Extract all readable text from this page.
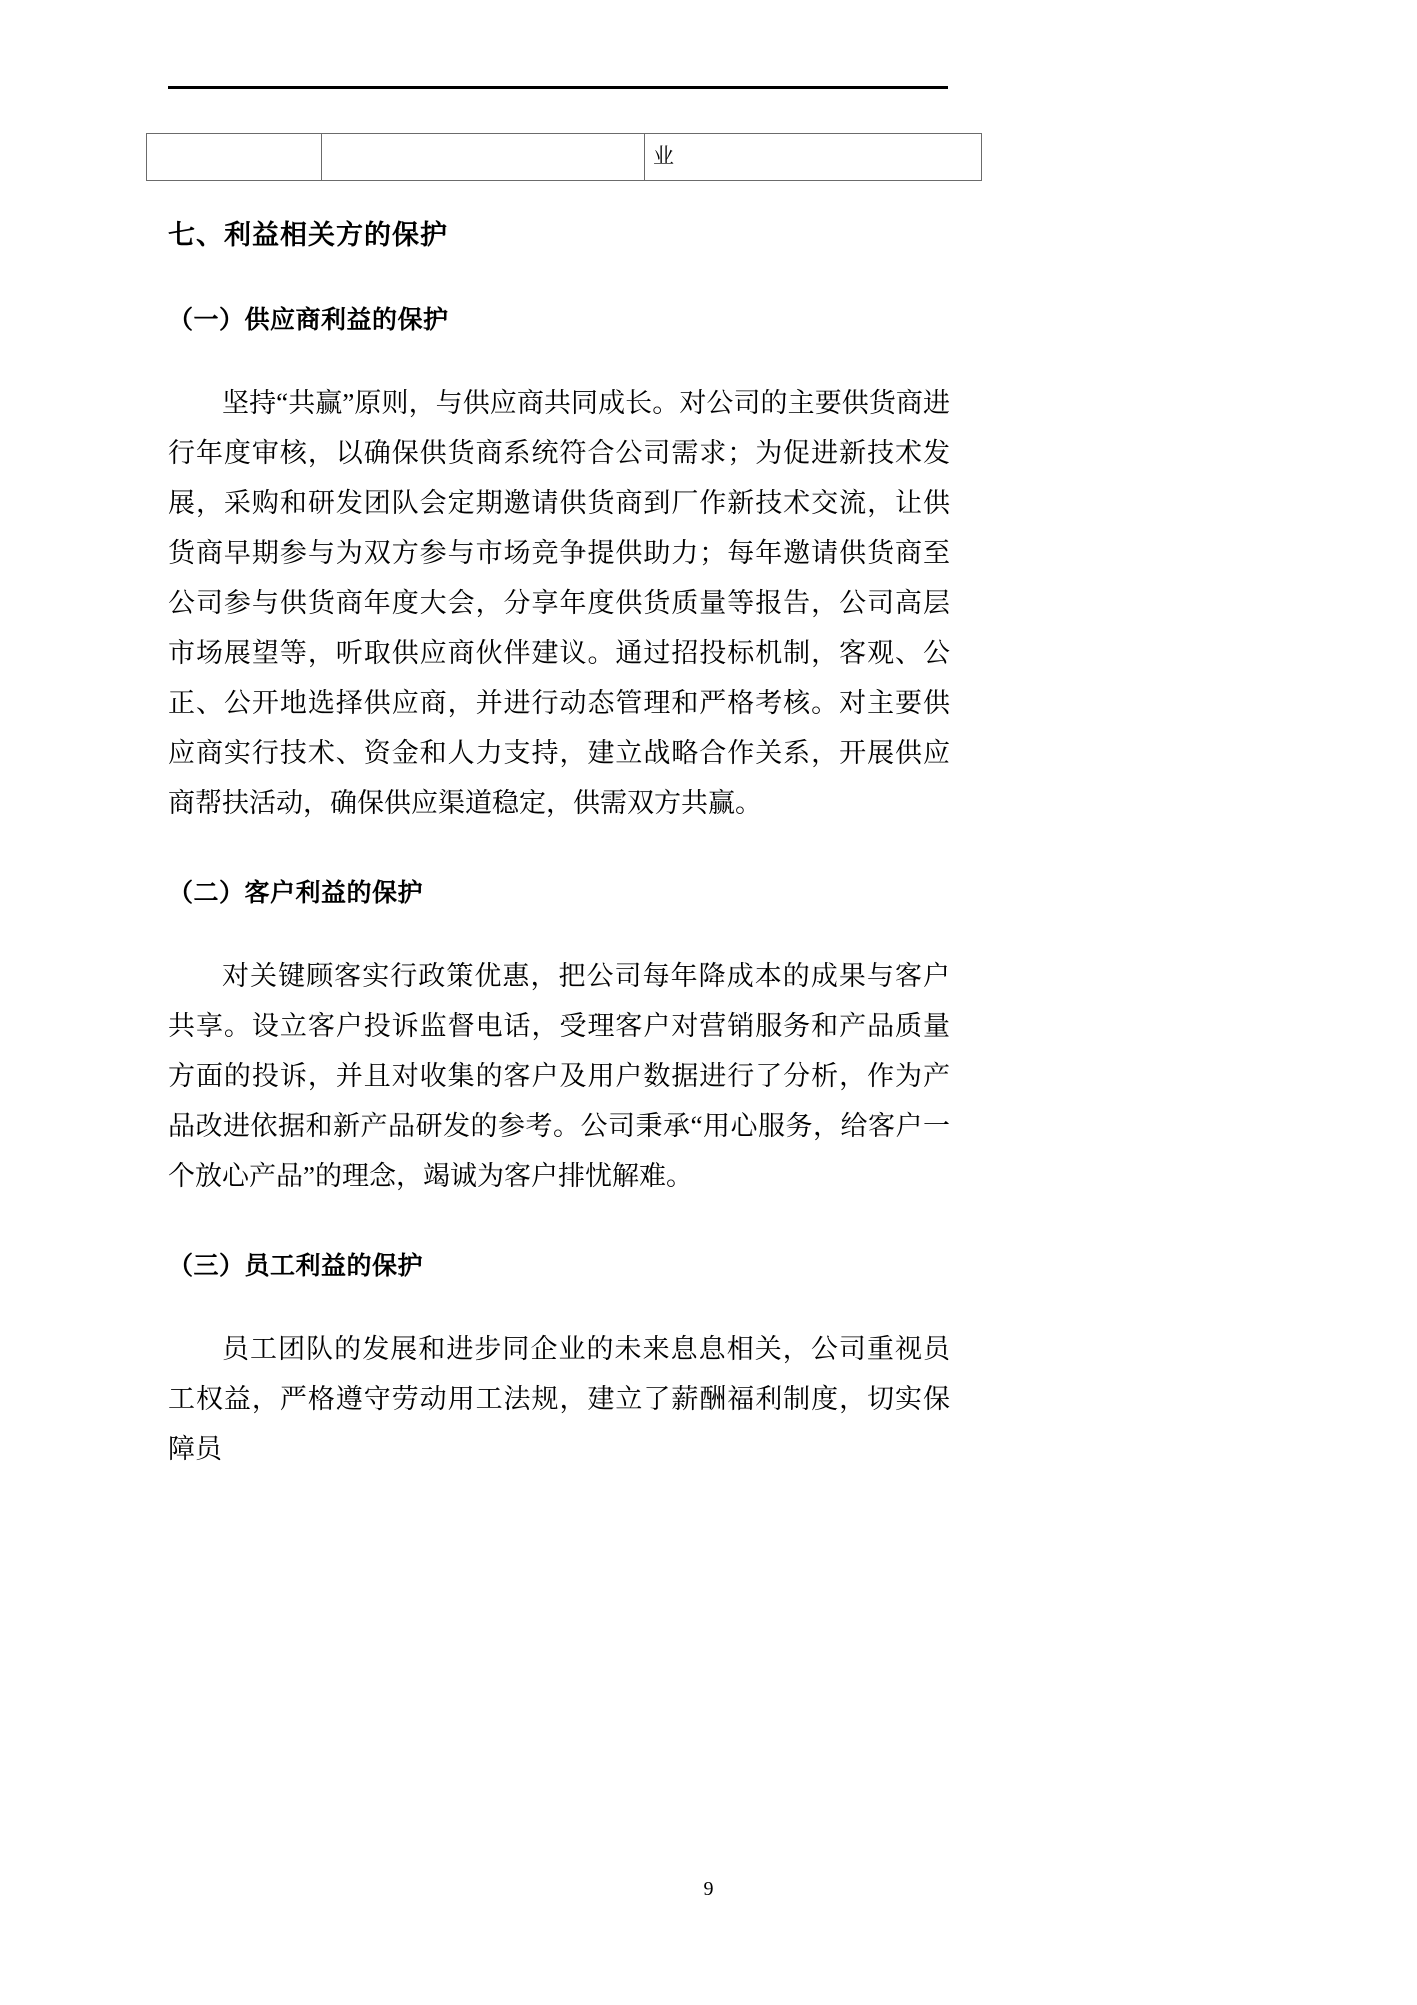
		业
七、利益相关方的保护
（一）供应商利益的保护

坚持“共赢”原则，与供应商共同成长。对公司的主要供货商进行年度审核，以确保供货商系统符合公司需求；为促进新技术发展，采购和研发团队会定期邀请供货商到厂作新技术交流，让供货商早期参与为双方参与市场竞争提供助力；每年邀请供货商至公司参与供货商年度大会，分享年度供货质量等报告，公司高层市场展望等，听取供应商伙伴建议。通过招投标机制，客观、公正、公开地选择供应商，并进行动态管理和严格考核。对主要供应商实行技术、资金和人力支持，建立战略合作关系，开展供应商帮扶活动，确保供应渠道稳定，供需双方共赢。

（二）客户利益的保护

对关键顾客实行政策优惠，把公司每年降成本的成果与客户共享。设立客户投诉监督电话，受理客户对营销服务和产品质量方面的投诉，并且对收集的客户及用户数据进行了分析，作为产品改进依据和新产品研发的参考。公司秉承“用心服务，给客户一个放心产品”的理念，竭诚为客户排忧解难。

（三）员工利益的保护

员工团队的发展和进步同企业的未来息息相关，公司重视员工权益，严格遵守劳动用工法规，建立了薪酬福利制度，切实保障员

9
